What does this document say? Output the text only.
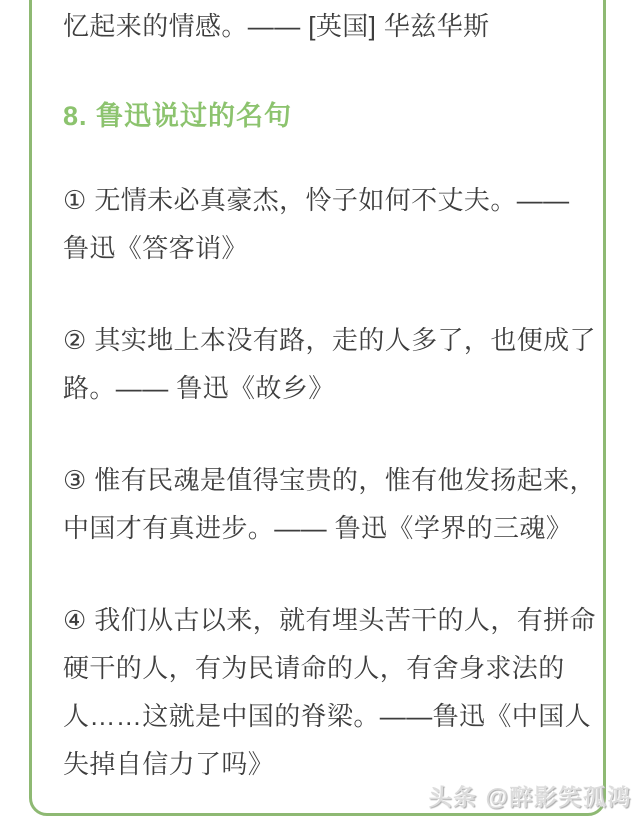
忆起来的情感。—— [英国] 华兹华斯

8. 鲁迅说过的名句

① 无情未必真豪杰，怜子如何不丈夫。—— 鲁迅《答客诮》

② 其实地上本没有路，走的人多了，也便成了路。—— 鲁迅《故乡》

③ 惟有民魂是值得宝贵的，惟有他发扬起来，中国才有真进步。—— 鲁迅《学界的三魂》

④ 我们从古以来，就有埋头苦干的人，有拼命硬干的人，有为民请命的人，有舍身求法的人……这就是中国的脊梁。——鲁迅《中国人失掉自信力了吗》

头条 @醉影笑孤鸿
